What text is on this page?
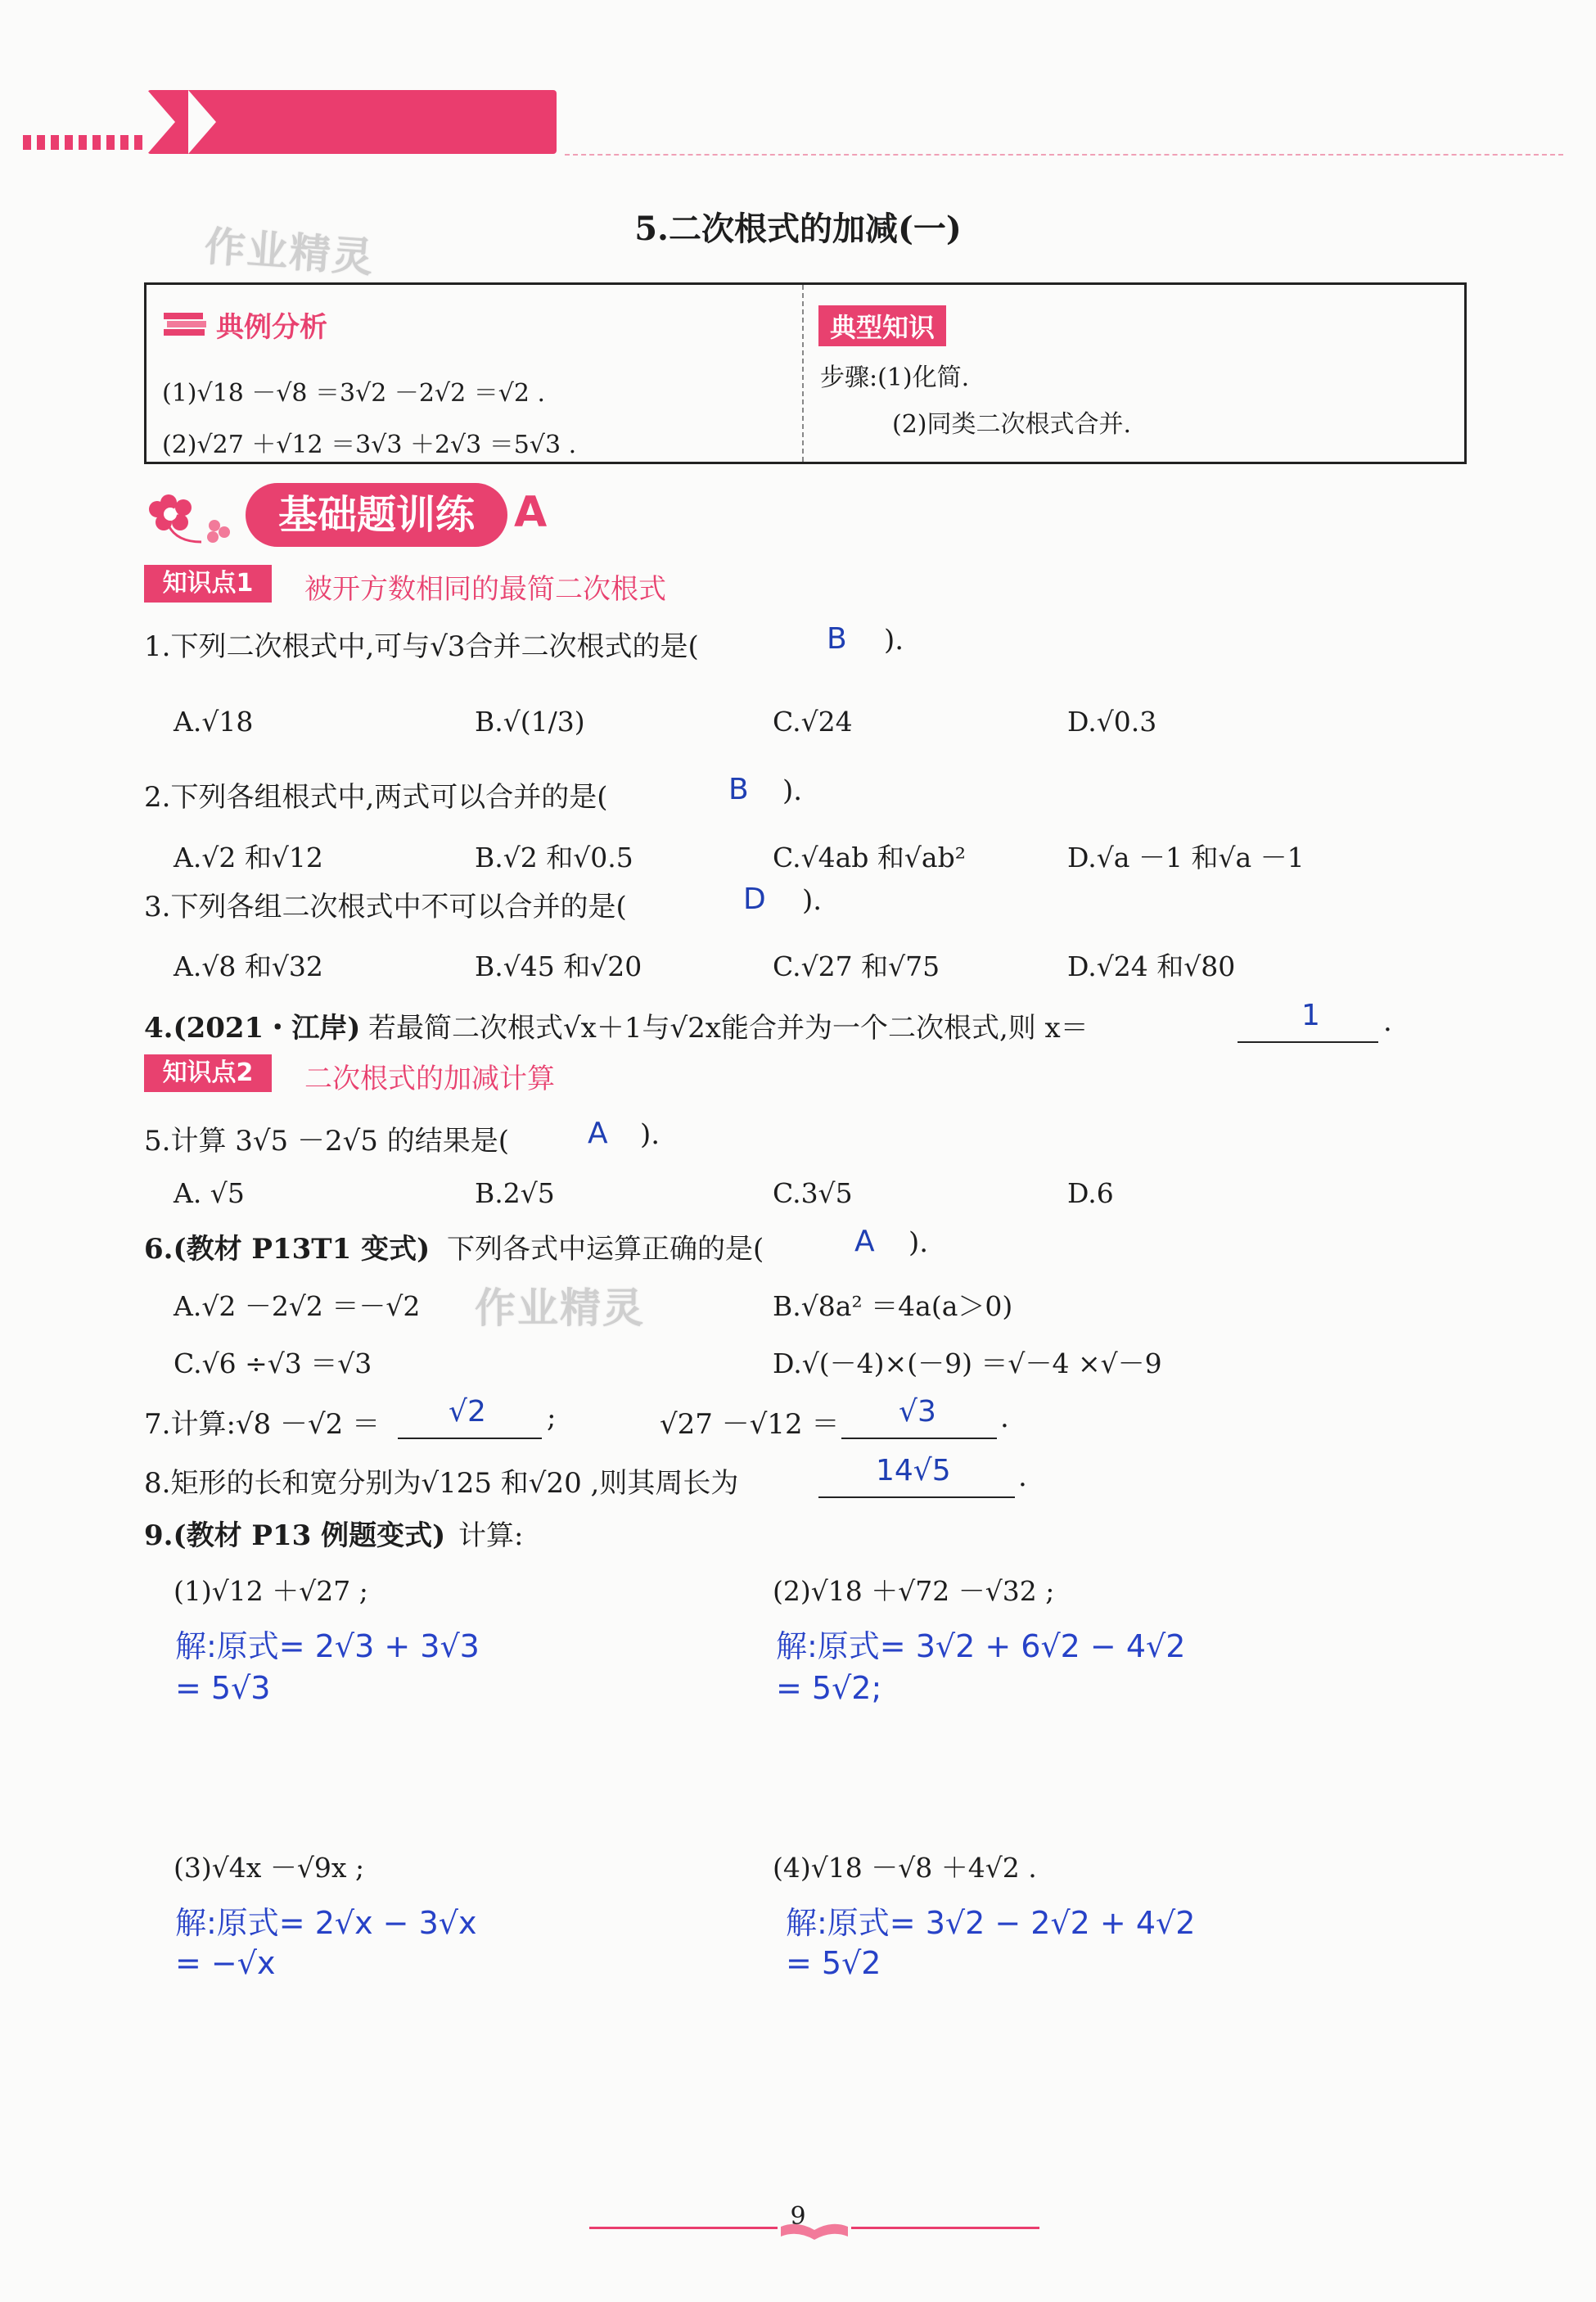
5.二次根式的加减(一)
作业精灵
典例分析
(1)√18 －√8 ＝3√2 －2√2 ＝√2 .
(2)√27 ＋√12 ＝3√3 ＋2√3 ＝5√3 .
典型知识
步骤:(1)化简.
(2)同类二次根式合并.
基础题训练 A
知识点1	被开方数相同的最简二次根式
1.下列二次根式中,可与√3合并二次根式的是(	B ).
A.√18	B.√(1/3)	C.√24	D.√0.3
2.下列各组根式中,两式可以合并的是(	B ).
A.√2 和√12	B.√2 和√0.5	C.√4ab 和√ab²	D.√a －1 和√a －1
3.下列各组二次根式中不可以合并的是(	D ).
A.√8 和√32	B.√45 和√20	C.√27 和√75	D.√24 和√80
4.(2021・江岸) 若最简二次根式√x＋1与√2x能合并为一个二次根式,则 x＝	1 .
知识点2	二次根式的加减计算
5.计算 3√5 －2√5 的结果是(	A ).
A. √5	B.2√5	C.3√5	D.6
6.(教材 P13T1 变式) 下列各式中运算正确的是(	A ).
A.√2 －2√2 ＝－√2 作业精灵	B.√8a² ＝4a(a＞0)
C.√6 ÷√3 ＝√3	D.√(－4)×(－9) ＝√－4 ×√－9
7.计算:√8 －√2 ＝ √2 ;	√27 －√12 ＝ √3 .
8.矩形的长和宽分别为√125 和√20 ,则其周长为	14√5 .
9.(教材 P13 例题变式) 计算:
(1)√12 ＋√27 ;
解:原式= 2√3 + 3√3
= 5√3
(2)√18 ＋√72 －√32 ;
解:原式= 3√2 + 6√2 − 4√2
= 5√2;
(3)√4x －√9x ;
解:原式= 2√x − 3√x
= −√x
(4)√18 －√8 ＋4√2 .
解:原式= 3√2 − 2√2 + 4√2
= 5√2
9
